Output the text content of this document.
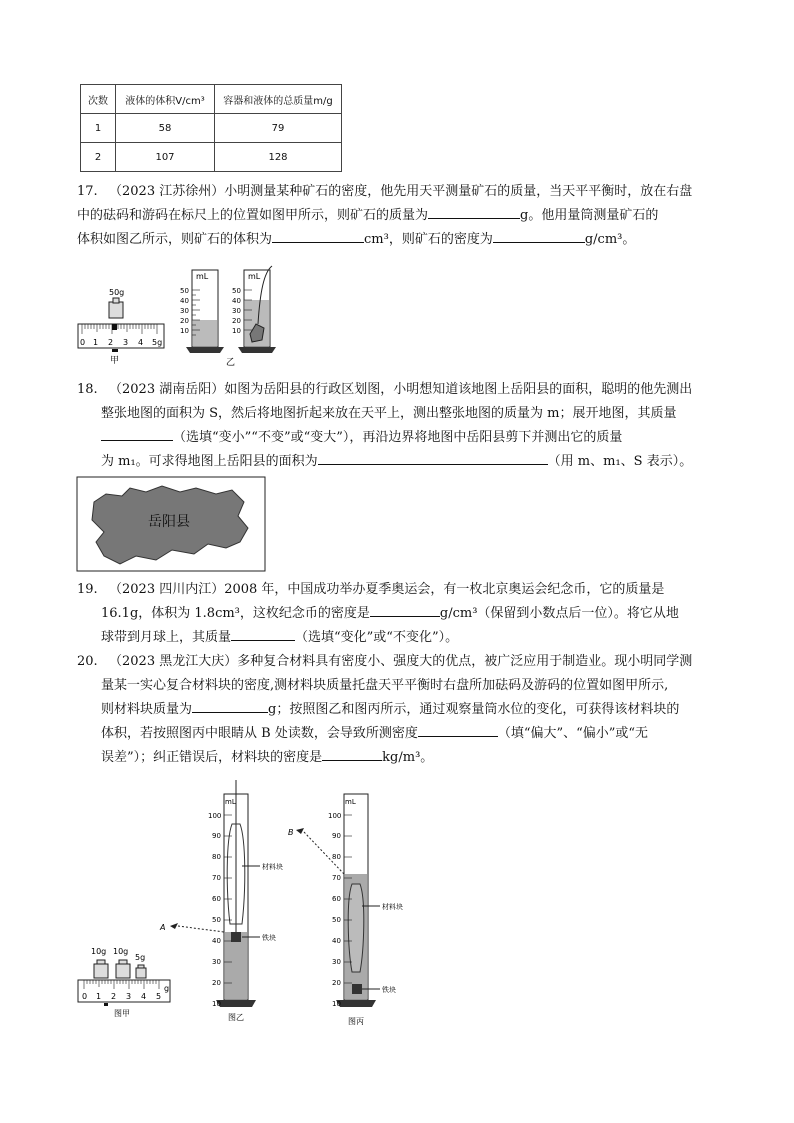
次数	液体的体积V/cm³	容器和液体的总质量m/g
1	58	79
2	107	128
17. （2023 江苏徐州）小明测量某种矿石的密度，他先用天平测量矿石的质量，当天平平衡时，放在右盘
中的砝码和游码在标尺上的位置如图甲所示，则矿石的质量为	g。他用量筒测量矿石的
体积如图乙所示，则矿石的体积为	cm³，则矿石的密度为	g/cm³。
50g
0 1 2 3 4 5g
甲
mL
50
40
30
20
10
mL
50
40
30
20
10
乙
18. （2023 湖南岳阳）如图为岳阳县的行政区划图，小明想知道该地图上岳阳县的面积，聪明的他先测出
整张地图的面积为 S，然后将地图折起来放在天平上，测出整张地图的质量为 m；展开地图，其质量
（选填“变小”“不变”或“变大”），再沿边界将地图中岳阳县剪下并测出它的质量
为 m₁。可求得地图上岳阳县的面积为	（用 m、m₁、S 表示）。
岳阳县
19. （2023 四川内江）2008 年，中国成功举办夏季奥运会，有一枚北京奥运会纪念币，它的质量是
16.1g，体积为 1.8cm³，这枚纪念币的密度是	g/cm³（保留到小数点后一位）。将它从地
球带到月球上，其质量	（选填“变化”或“不变化”）。
20. （2023 黑龙江大庆）多种复合材料具有密度小、强度大的优点，被广泛应用于制造业。现小明同学测
量某一实心复合材料块的密度,测材料块质量托盘天平平衡时右盘所加砝码及游码的位置如图甲所示,
则材料块质量为	g；按照图乙和图丙所示，通过观察量筒水位的变化，可获得该材料块的
体积，若按照图丙中眼睛从 B 处读数，会导致所测密度	（填“偏大”、“偏小”或“无
误差”）；纠正错误后，材料块的密度是	kg/m³。
10g 10g
5g
0 1 2 3 4 5
g
图甲
mL
100
90
80
70
60
50
40
30
20
10
A
材料块
铁块
图乙
mL
100
90
80
70
60
50
40
30
20
10
B
材料块
铁块
图丙
